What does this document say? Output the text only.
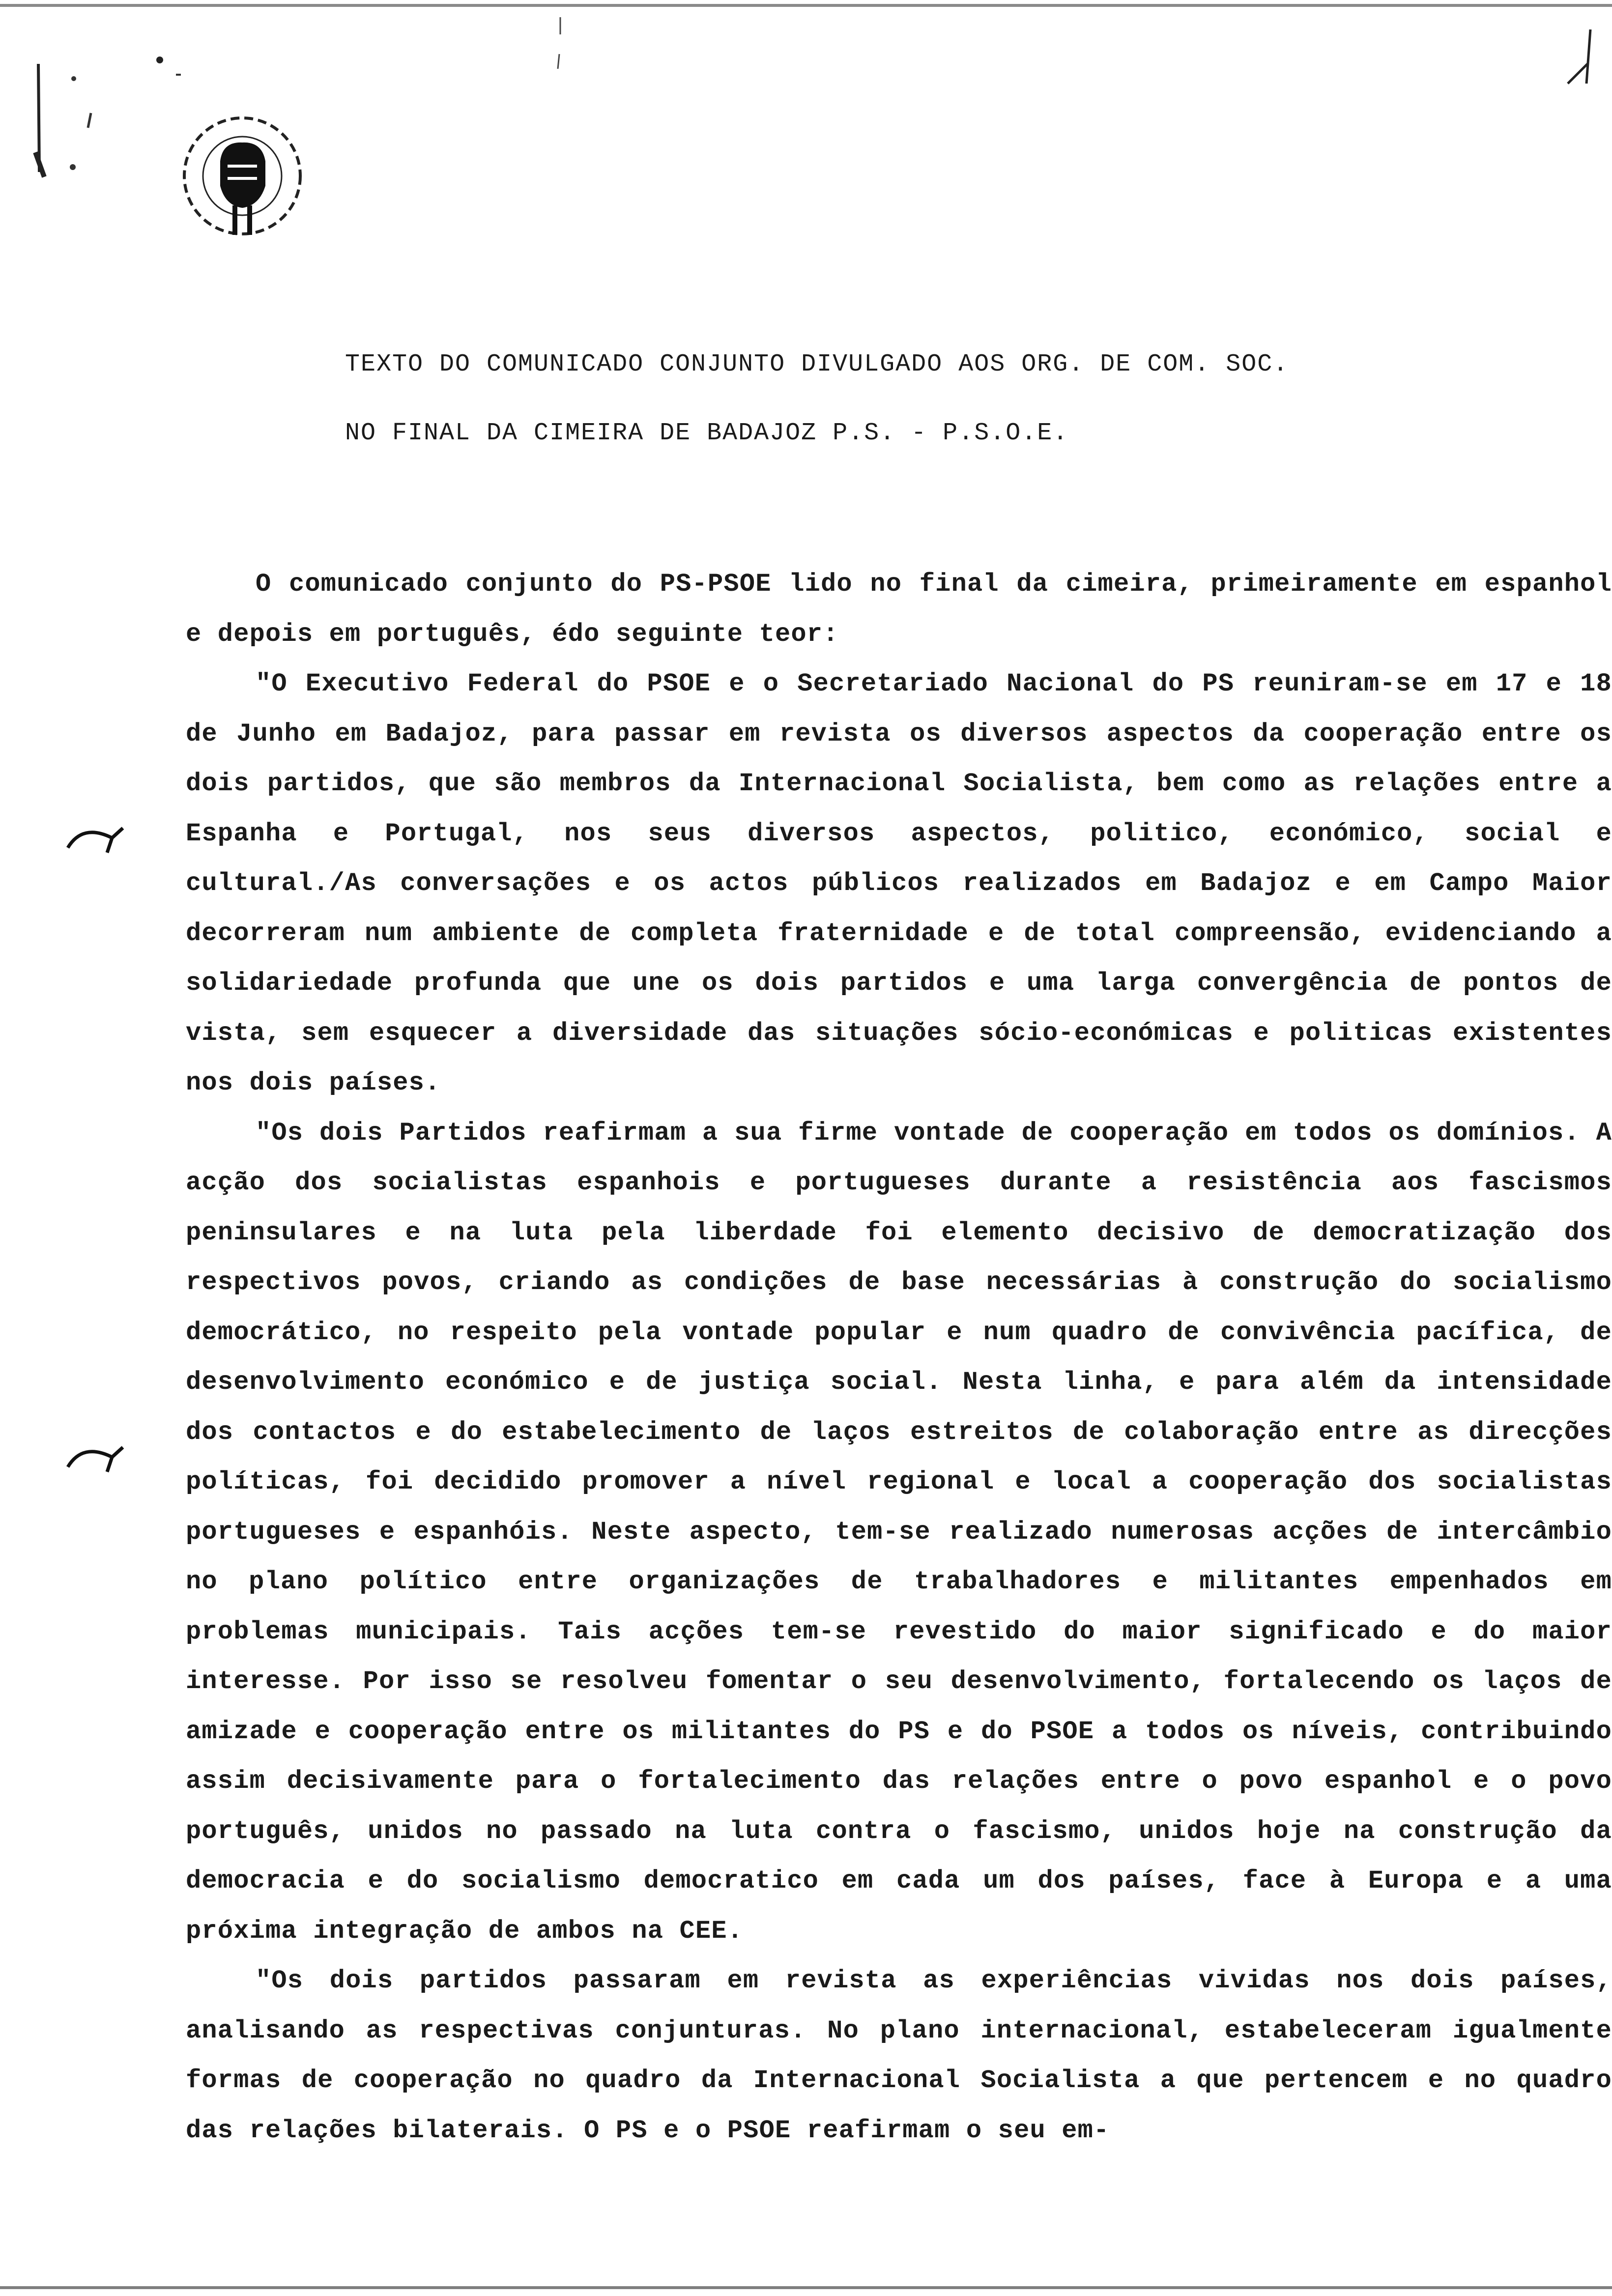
TEXTO DO COMUNICADO CONJUNTO DIVULGADO AOS ORG. DE COM. SOC.
NO FINAL DA CIMEIRA DE BADAJOZ P.S. - P.S.O.E.

O comunicado conjunto do PS-PSOE lido no final da cimeira, primeiramente em espanhol e depois em português, édo seguinte teor:

"O Executivo Federal do PSOE e o Secretariado Nacional do PS reuniram-se em 17 e 18 de Junho em Badajoz, para passar em revista os diversos aspectos da cooperação entre os dois partidos, que são membros da Internacional Socialista, bem como as relações entre a Espanha e Portugal, nos seus diversos aspectos, politico, económico, social e cultural./As conversações e os actos públicos realizados em Badajoz e em Campo Maior decorreram num ambiente de completa fraternidade e de total compreensão, evidenciando a solidariedade profunda que une os dois partidos e uma larga convergência de pontos de vista, sem esquecer a diversidade das situações sócio-económicas e politicas existentes nos dois países.

"Os dois Partidos reafirmam a sua firme vontade de cooperação em todos os domínios. A acção dos socialistas espanhois e portugueses durante a resistência aos fascismos peninsulares e na luta pela liberdade foi elemento decisivo de democratização dos respectivos povos, criando as condições de base necessárias à construção do socialismo democrático, no respeito pela vontade popular e num quadro de convivência pacífica, de desenvolvimento económico e de justiça social. Nesta linha, e para além da intensidade dos contactos e do estabelecimento de laços estreitos de colaboração entre as direcções políticas, foi decidido promover a nível regional e local a cooperação dos socialistas portugueses e espanhóis. Neste aspecto, tem-se realizado numerosas acções de intercâmbio no plano político entre organizações de trabalhadores e militantes empenhados em problemas municipais. Tais acções tem-se revestido do maior significado e do maior interesse. Por isso se resolveu fomentar o seu desenvolvimento, fortalecendo os laços de amizade e cooperação entre os militantes do PS e do PSOE a todos os níveis, contribuindo assim decisivamente para o fortalecimento das relações entre o povo espanhol e o povo português, unidos no passado na luta contra o fascismo, unidos hoje na construção da democracia e do socialismo democratico em cada um dos países, face à Europa e a uma próxima integração de ambos na CEE.

"Os dois partidos passaram em revista as experiências vividas nos dois países, analisando as respectivas conjunturas. No plano internacional, estabeleceram igualmente formas de cooperação no quadro da Internacional Socialista a que pertencem e no quadro das relações bilaterais. O PS e o PSOE reafirmam o seu em-
